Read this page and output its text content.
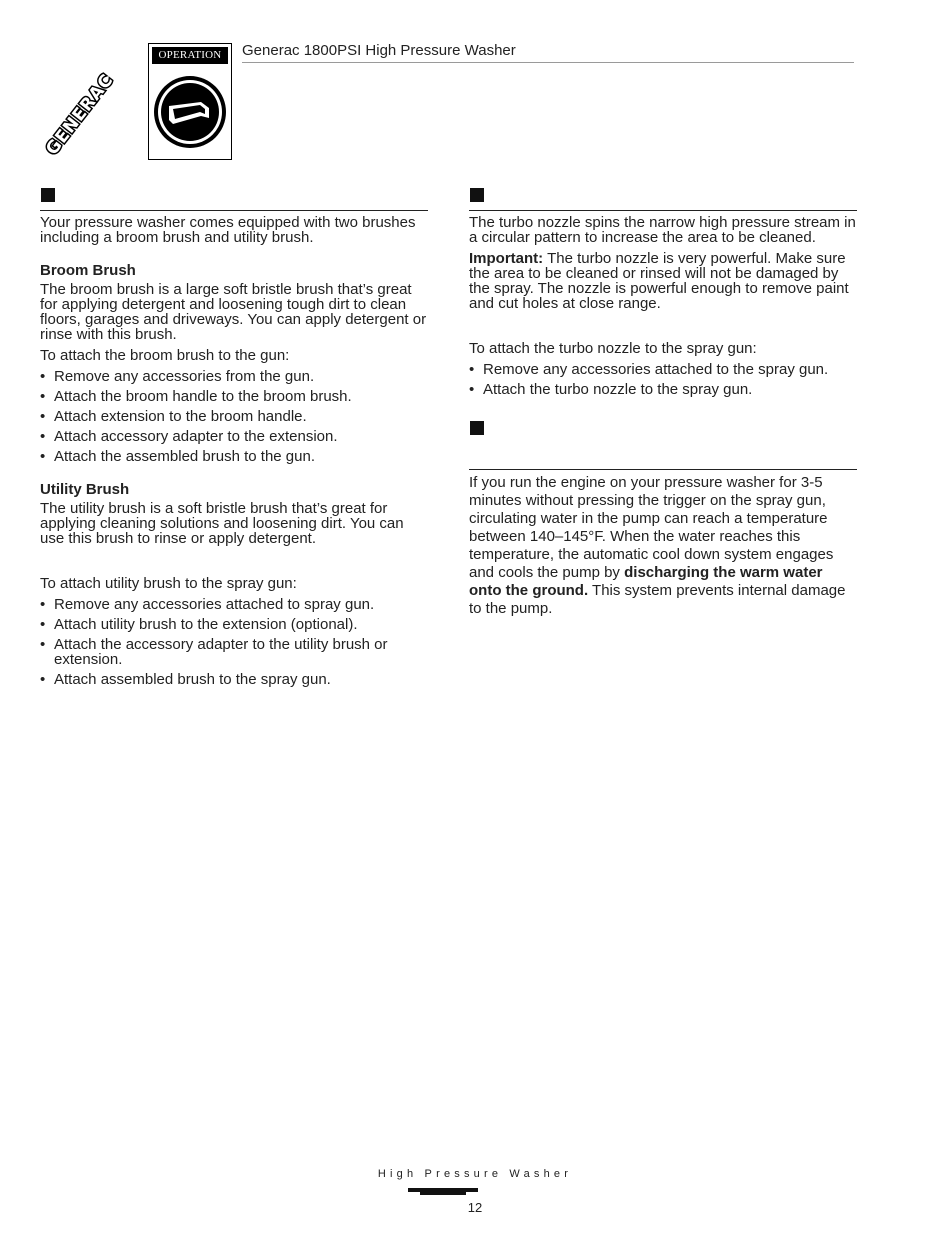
Generac 1800PSI High Pressure Washer
GENERAC
OPERATION

Your pressure washer comes equipped with two brushes including a broom brush and utility brush.

Broom Brush

The broom brush is a large soft bristle brush that’s great for applying detergent and loosening tough dirt to clean floors, garages and driveways. You can apply detergent or rinse with this brush.

To attach the broom brush to the gun:

• Remove any accessories from the gun.
• Attach the broom handle to the broom brush.
• Attach extension to the broom handle.
• Attach accessory adapter to the extension.
• Attach the assembled brush to the gun.

Utility Brush

The utility brush is a soft bristle brush that’s great for applying cleaning solutions and loosening dirt. You can use this brush to rinse or apply detergent.

To attach utility brush to the spray gun:

• Remove any accessories attached to spray gun.
• Attach utility brush to the extension (optional).
• Attach the accessory adapter to the utility brush or extension.
• Attach assembled brush to the spray gun.

The turbo nozzle spins the narrow high pressure stream in a circular pattern to increase the area to be cleaned.

Important: The turbo nozzle is very powerful. Make sure the area to be cleaned or rinsed will not be damaged by the spray. The nozzle is powerful enough to remove paint and cut holes at close range.

To attach the turbo nozzle to the spray gun:

• Remove any accessories attached to the spray gun.
• Attach the turbo nozzle to the spray gun.

If you run the engine on your pressure washer for 3-5 minutes without pressing the trigger on the spray gun, circulating water in the pump can reach a temperature between 140–145°F. When the water reaches this temperature, the automatic cool down system engages and cools the pump by discharging the warm water onto the ground. This system prevents internal damage to the pump.

High Pressure Washer
12
